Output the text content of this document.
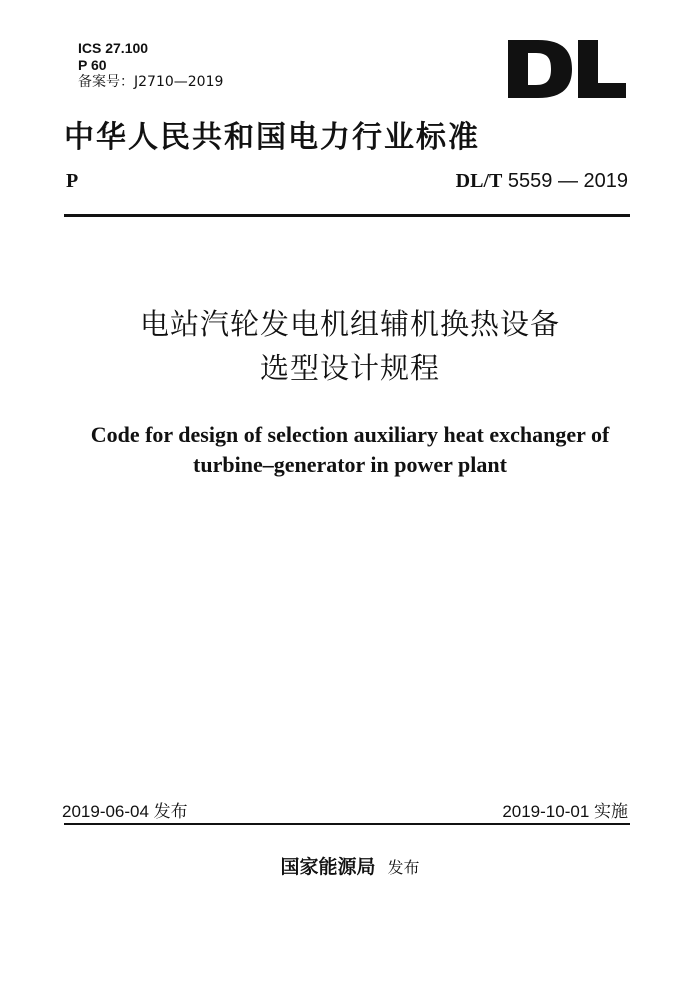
ICS 27.100
P 60
备案号：J2710—2019
中华人民共和国电力行业标准
P	DL/T 5559 — 2019
电站汽轮发电机组辅机换热设备
选型设计规程
Code for design of selection auxiliary heat exchanger of
turbine–generator in power plant
2019-06-04 发布	2019-10-01 实施
国家能源局 发布
